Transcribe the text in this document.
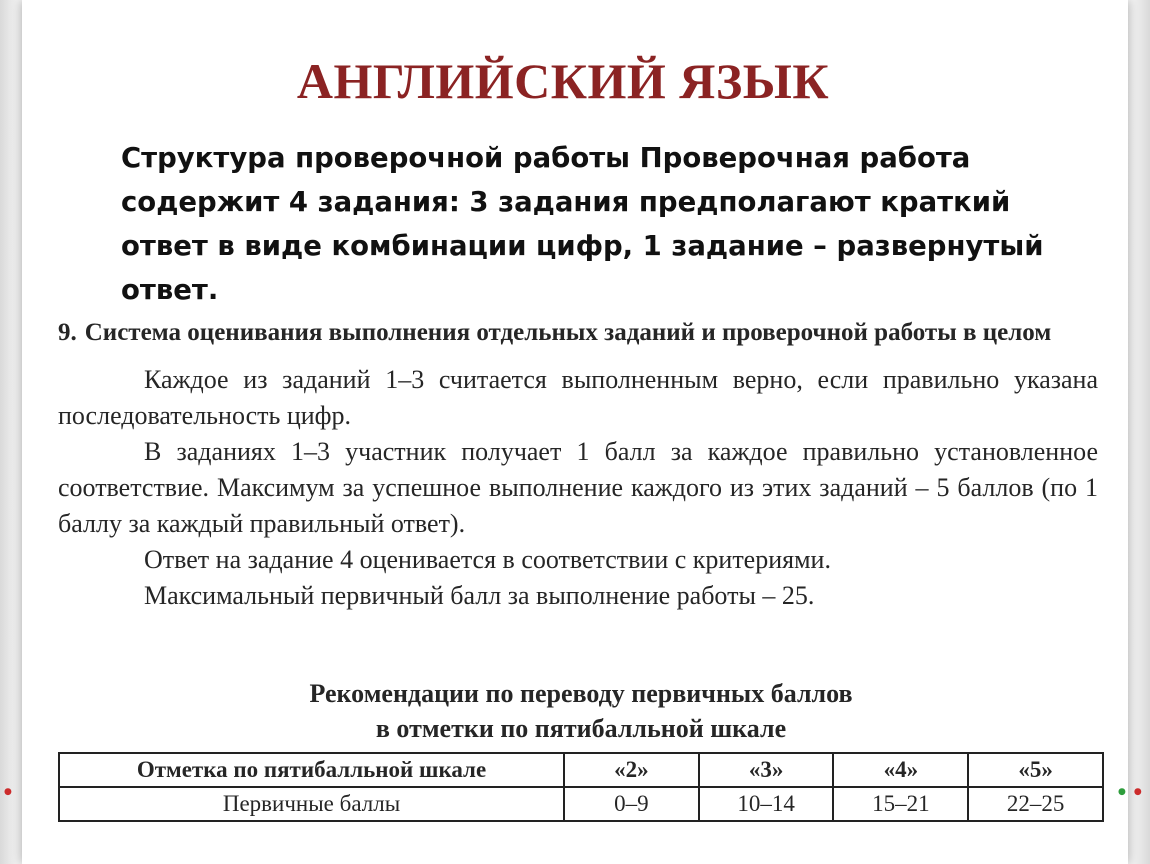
●	●●
АНГЛИЙСКИЙ ЯЗЫК
Структура проверочной работы Проверочная работа содержит 4 задания: 3 задания предполагают краткий ответ в виде комбинации цифр, 1 задание – развернутый ответ.
9. Система оценивания выполнения отдельных заданий и проверочной работы в целом

Каждое из заданий 1–3 считается выполненным верно, если правильно указана последовательность цифр.

В заданиях 1–3 участник получает 1 балл за каждое правильно установленное соответствие. Максимум за успешное выполнение каждого из этих заданий – 5 баллов (по 1 баллу за каждый правильный ответ).

Ответ на задание 4 оценивается в соответствии с критериями.

Максимальный первичный балл за выполнение работы – 25.

Рекомендации по переводу первичных баллов
в отметки по пятибалльной шкале
Отметка по пятибалльной шкале	«2»	«3»	«4»	«5»
Первичные баллы	0–9	10–14	15–21	22–25
